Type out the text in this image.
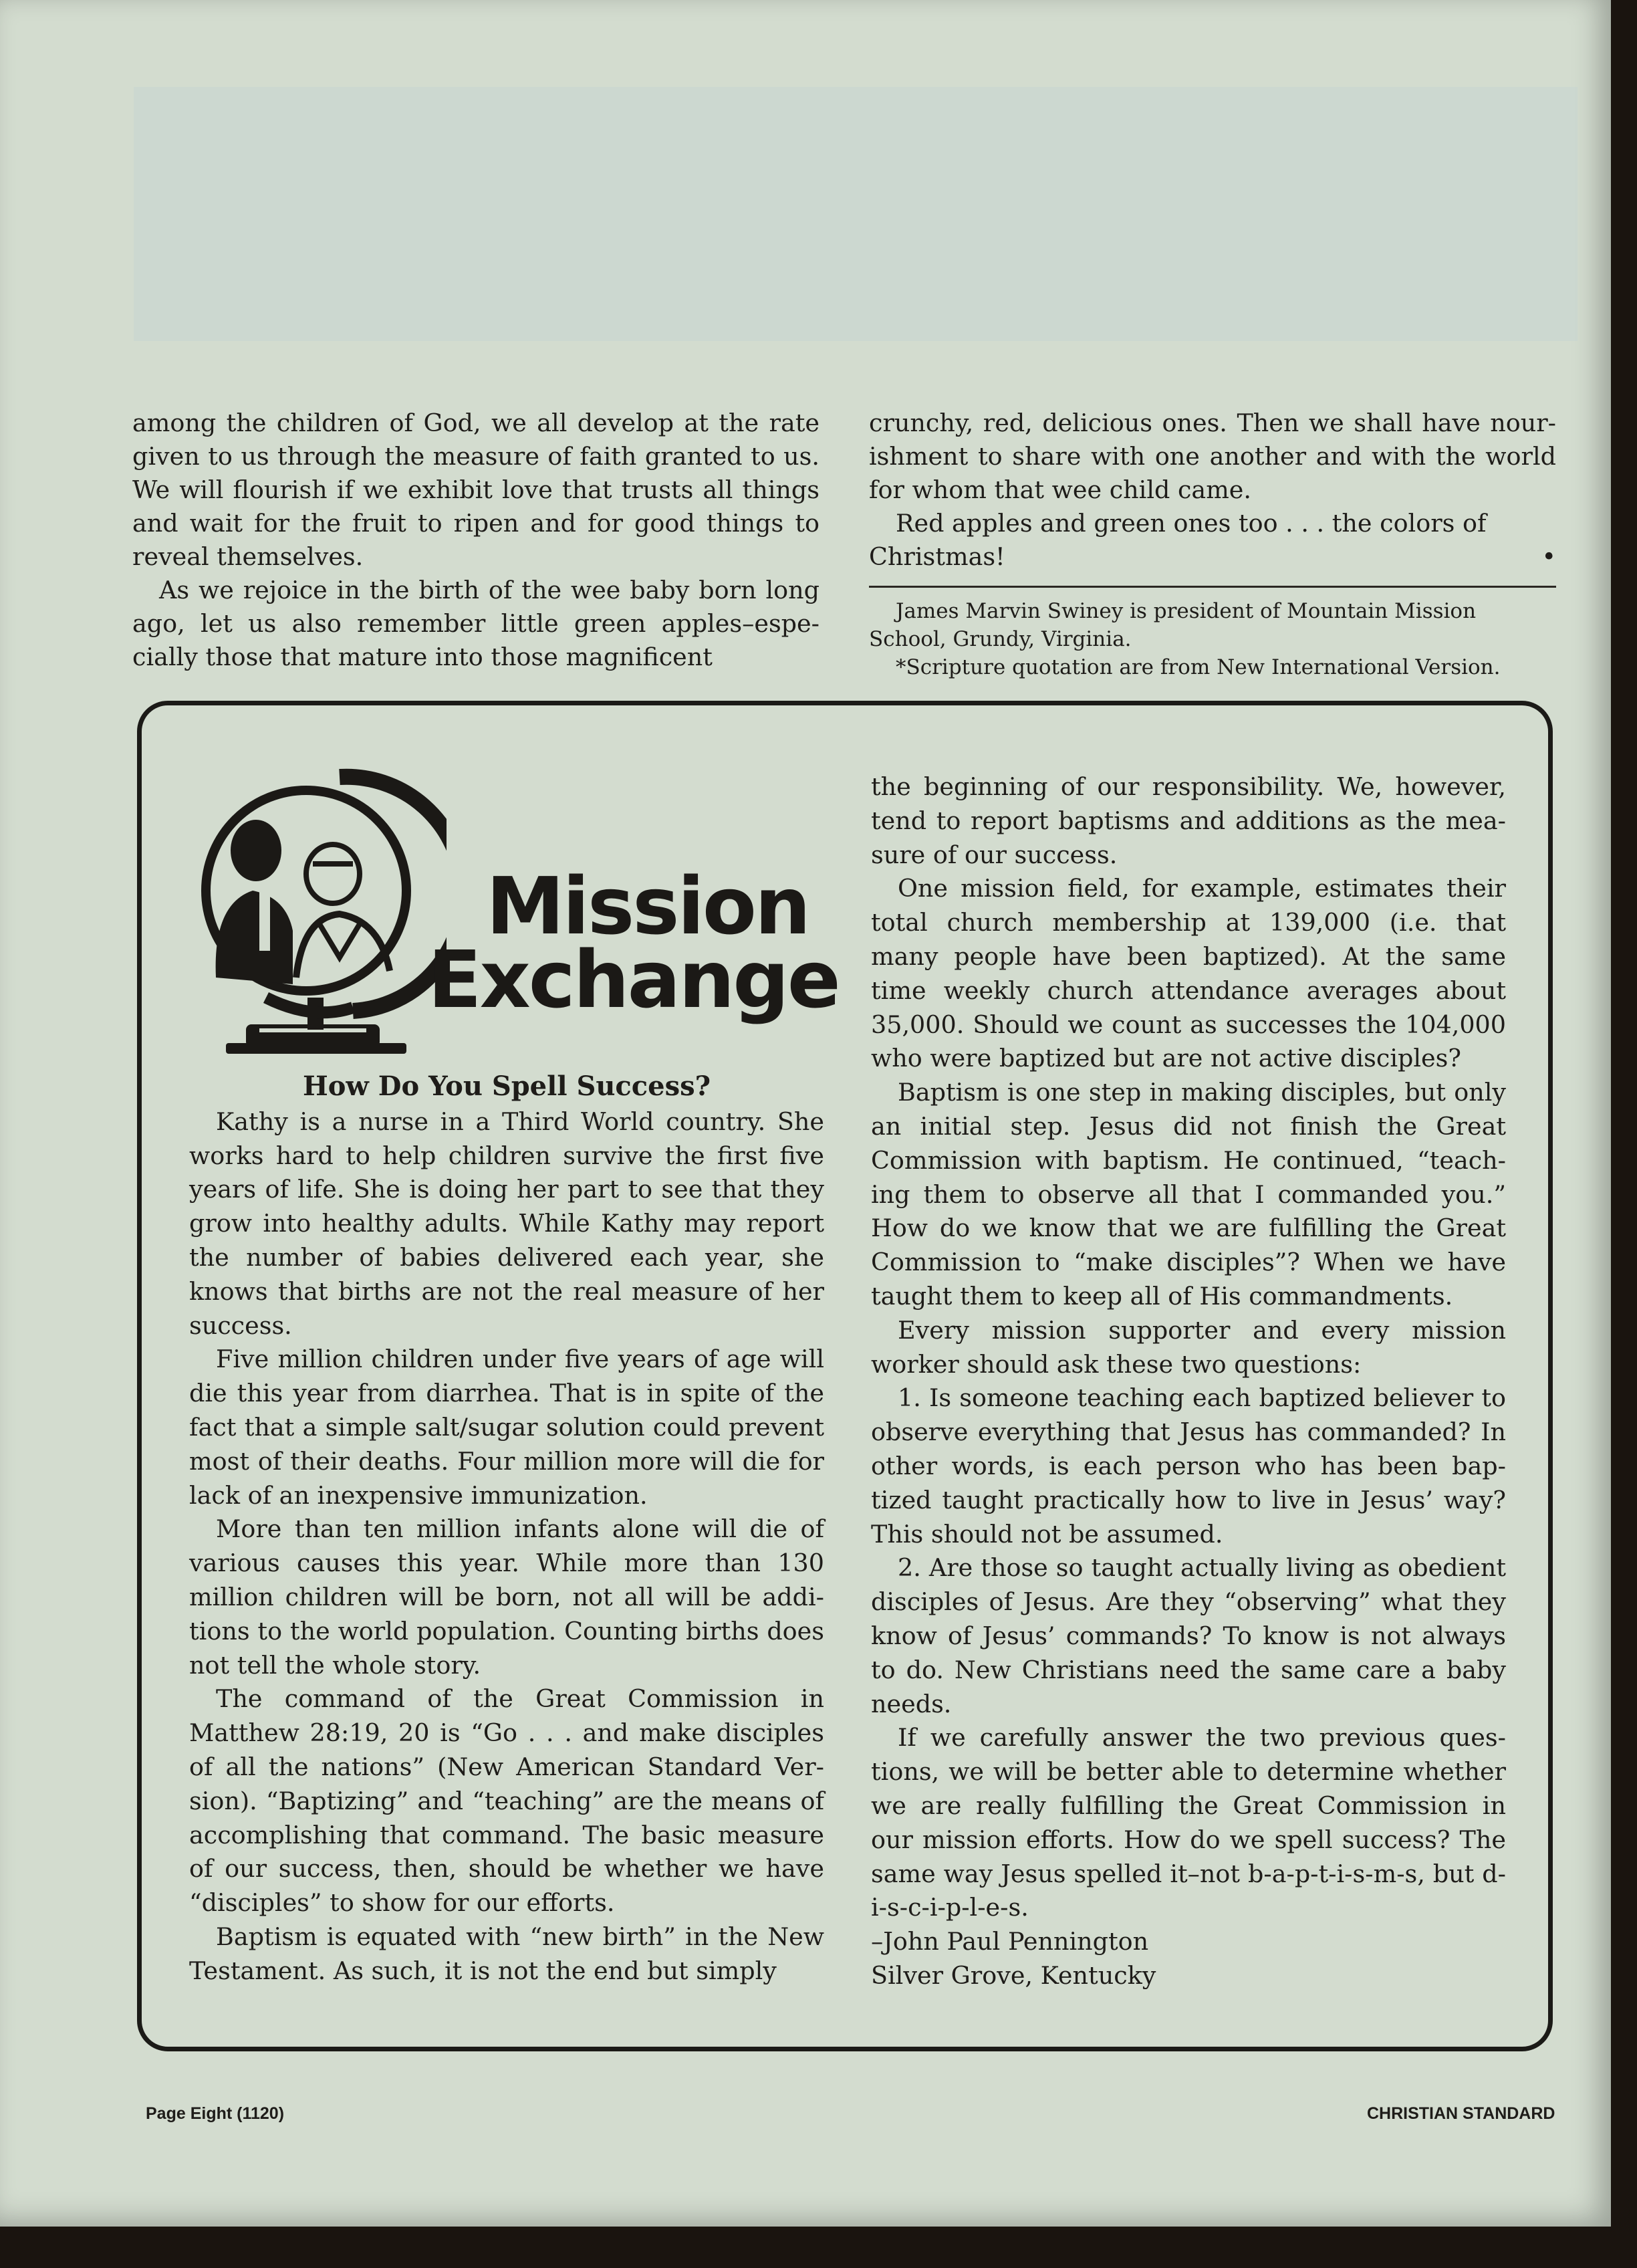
among the children of God, we all develop at the rate given to us through the measure of faith granted to us. We will flourish if we exhibit love that trusts all things and wait for the fruit to ripen and for good things to reveal themselves.

As we rejoice in the birth of the wee baby born long ago, let us also remember little green apples–especially those that mature into those magnificent

crunchy, red, delicious ones. Then we shall have nourishment to share with one another and with the world for whom that wee child came.

Red apples and green ones too . . . the colors of Christmas!	•

James Marvin Swiney is president of Mountain Mission School, Grundy, Virginia.

*Scripture quotation are from New International Version.

Mission
Exchange
How Do You Spell Success?

Kathy is a nurse in a Third World country. She works hard to help children survive the first five years of life. She is doing her part to see that they grow into healthy adults. While Kathy may report the number of babies delivered each year, she knows that births are not the real measure of her success.

Five million children under five years of age will die this year from diarrhea. That is in spite of the fact that a simple salt/sugar solution could prevent most of their deaths. Four million more will die for lack of an inexpensive immunization.

More than ten million infants alone will die of various causes this year. While more than 130 million children will be born, not all will be additions to the world population. Counting births does not tell the whole story.

The command of the Great Commission in Matthew 28:19, 20 is “Go . . . and make disciples of all the nations” (New American Standard Version). “Baptizing” and “teaching” are the means of accomplishing that command. The basic measure of our success, then, should be whether we have “disciples” to show for our efforts.

Baptism is equated with “new birth” in the New Testament. As such, it is not the end but simply

the beginning of our responsibility. We, however, tend to report baptisms and additions as the measure of our success.

One mission field, for example, estimates their total church membership at 139,000 (i.e. that many people have been baptized). At the same time weekly church attendance averages about 35,000. Should we count as successes the 104,000 who were baptized but are not active disciples?

Baptism is one step in making disciples, but only an initial step. Jesus did not finish the Great Commission with baptism. He continued, “teaching them to observe all that I commanded you.” How do we know that we are fulfilling the Great Commission to “make disciples”? When we have taught them to keep all of His commandments.

Every mission supporter and every mission worker should ask these two questions:

1. Is someone teaching each baptized believer to observe everything that Jesus has commanded? In other words, is each person who has been baptized taught practically how to live in Jesus’ way? This should not be assumed.

2. Are those so taught actually living as obedient disciples of Jesus. Are they “observing” what they know of Jesus’ commands? To know is not always to do. New Christians need the same care a baby needs.

If we carefully answer the two previous questions, we will be better able to determine whether we are really fulfilling the Great Commission in our mission efforts. How do we spell success? The same way Jesus spelled it–not b-a-p-t-i-s-m-s, but d-i-s-c-i-p-l-e-s.

–John Paul Pennington

Silver Grove, Kentucky

Page Eight (1120)	CHRISTIAN STANDARD
